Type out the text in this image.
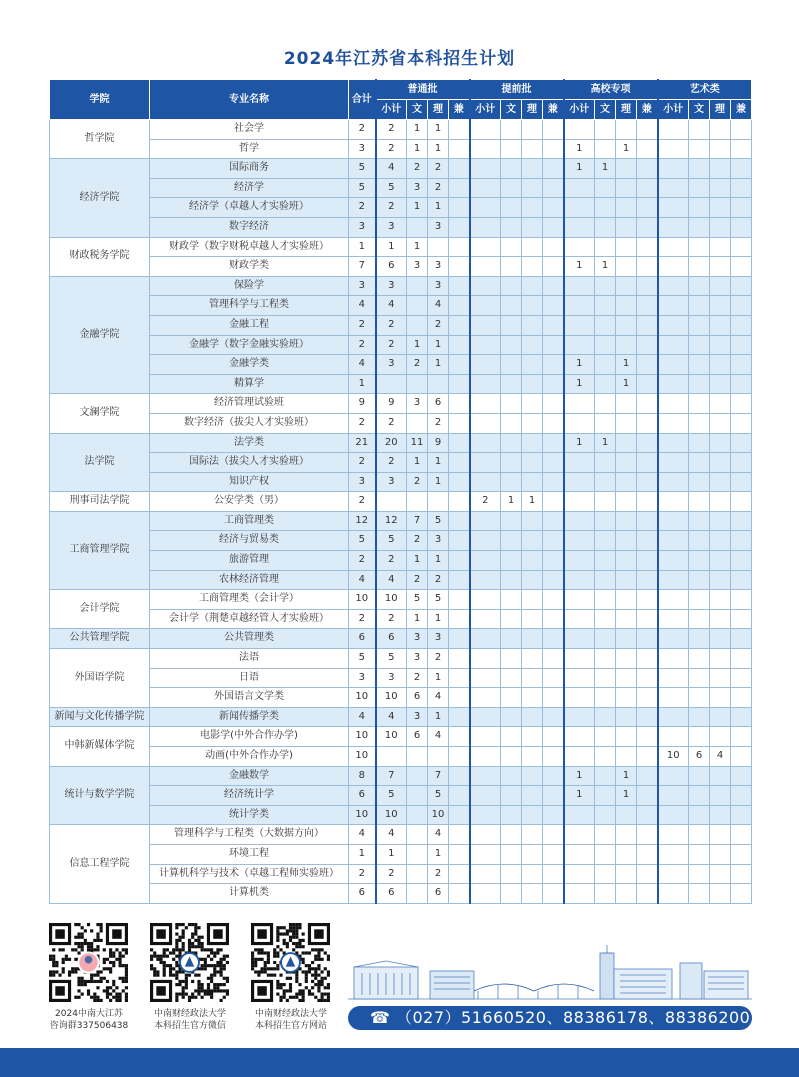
2024年江苏省本科招生计划
学院	专业名称	合计	普通批				提前批				高校专项				艺术类			
			小计	文	理	兼	小计	文	理	兼	小计	文	理	兼	小计	文	理	兼
哲学院	社会学	2	2	1	1													
	哲学	3	2	1	1						1		1					
经济学院	国际商务	5	4	2	2						1	1						
	经济学	5	5	3	2													
	经济学（卓越人才实验班）	2	2	1	1													
	数字经济	3	3		3													
财政税务学院	财政学（数字财税卓越人才实验班）	1	1	1														
	财政学类	7	6	3	3						1	1						
金融学院	保险学	3	3		3													
	管理科学与工程类	4	4		4													
	金融工程	2	2		2													
	金融学（数字金融实验班）	2	2	1	1													
	金融学类	4	3	2	1						1		1					
	精算学	1									1		1					
文澜学院	经济管理试验班	9	9	3	6													
	数字经济（拔尖人才实验班）	2	2		2													
法学院	法学类	21	20	11	9						1	1						
	国际法（拔尖人才实验班）	2	2	1	1													
	知识产权	3	3	2	1													
刑事司法学院	公安学类（男）	2					2	1	1									
工商管理学院	工商管理类	12	12	7	5													
	经济与贸易类	5	5	2	3													
	旅游管理	2	2	1	1													
	农林经济管理	4	4	2	2													
会计学院	工商管理类（会计学）	10	10	5	5													
	会计学（荆楚卓越经管人才实验班）	2	2	1	1													
公共管理学院	公共管理类	6	6	3	3													
外国语学院	法语	5	5	3	2													
	日语	3	3	2	1													
	外国语言文学类	10	10	6	4													
新闻与文化传播学院	新闻传播学类	4	4	3	1													
中韩新媒体学院	电影学(中外合作办学)	10	10	6	4													
	动画(中外合作办学)	10													10	6	4	
统计与数学学院	金融数学	8	7		7						1		1					
	经济统计学	6	5		5						1		1					
	统计学类	10	10		10													
信息工程学院	管理科学与工程类（大数据方向）	4	4		4													
	环境工程	1	1		1													
	计算机科学与技术（卓越工程师实验班）	2	2		2													
	计算机类	6	6		6													
2024中南大江苏
咨询群337506438
中南财经政法大学
本科招生官方微信
中南财经政法大学
本科招生官方网站	☎ （027）51660520、88386178、88386200
